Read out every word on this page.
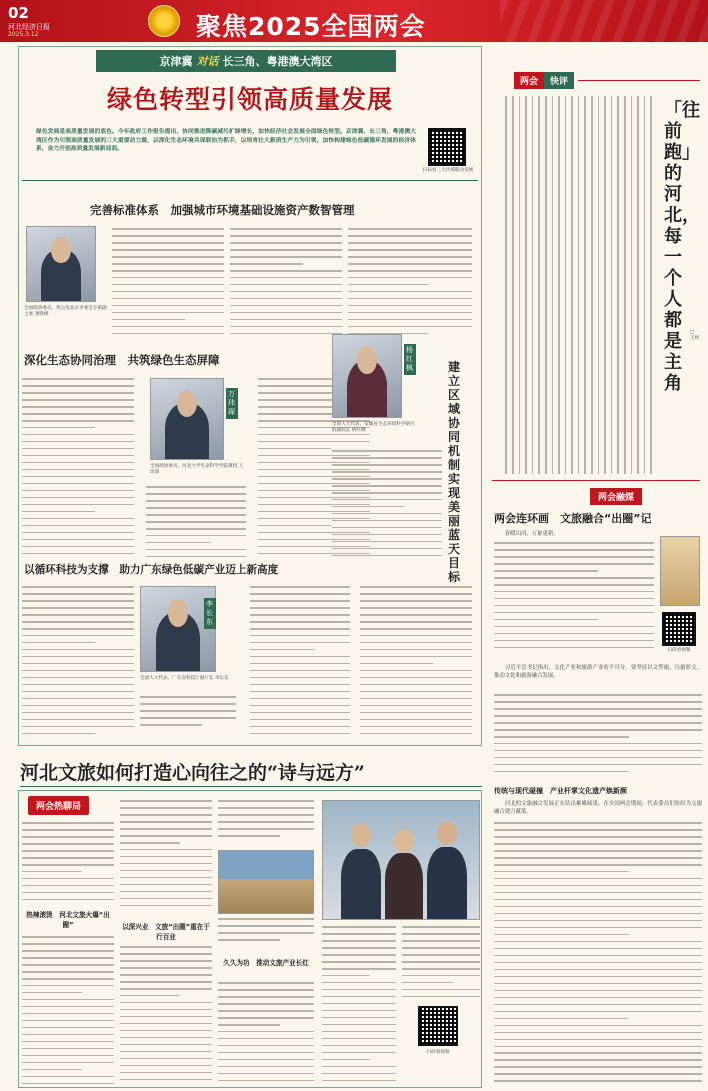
02
河北经济日报
2025.3.12	聚焦2025全国两会
京津冀 对话 长三角、粤港澳大湾区
绿色转型引领高质量发展
绿色发展是高质量发展的底色。今年政府工作报告提出，协同推进降碳减污扩绿增长，加快经济社会发展全面绿色转型。京津冀、长三角、粤港澳大湾区作为引领高质量发展的三大重要动力源，以深化生态环境共保联治为抓手，以培育壮大新质生产力为引领，加快构建绿色低碳循环发展的经济体系，奋力开创高质量发展新局面。
扫码看三大区域联动发展
完善标准体系　加强城市环境基础设施资产数智管理
全国政协委员、致公党北京市委会专职副主委 龚晓峰
深化生态协同治理　共筑绿色生态屏障
万玮琛
全国政协委员、河北大学生命科学学院教授 万玮琛
杨红枫
全国人大代表、安徽省生态环境科学研究院副院长 杨红枫
建立区域协同机制　实现美丽蓝天目标
以循环科技为支撑　助力广东绿色低碳产业迈上新高度
李长东
全国人大代表、广东省科技厅副厅长 李长东
两会	快评
「往前跑」的河北，每一个人都是主角
□ 王岭
两会融媒
两会连环画　文旅融合“出圈”记
春暖山河，万象更新。
扫码看视频
习近平总书记指出，文化产业和旅游产业密不可分，要坚持以文塑旅、以旅彰文，推动文化和旅游融合发展。
传统与现代碰撞　产业杆掌文化遗产焕新颜
河北的文旅融合发展正在结出累累硕果，在全国两会期间，代表委员们纷纷为文旅融合建言献策。
河北文旅如何打造心向往之的“诗与远方”
两会热聊局
热辣滚烫　河北文旅火爆“出圈”	以深兴业　文旅“出圈”重在于行百业
久久为功　推动文旅产业长红
扫码看视频
